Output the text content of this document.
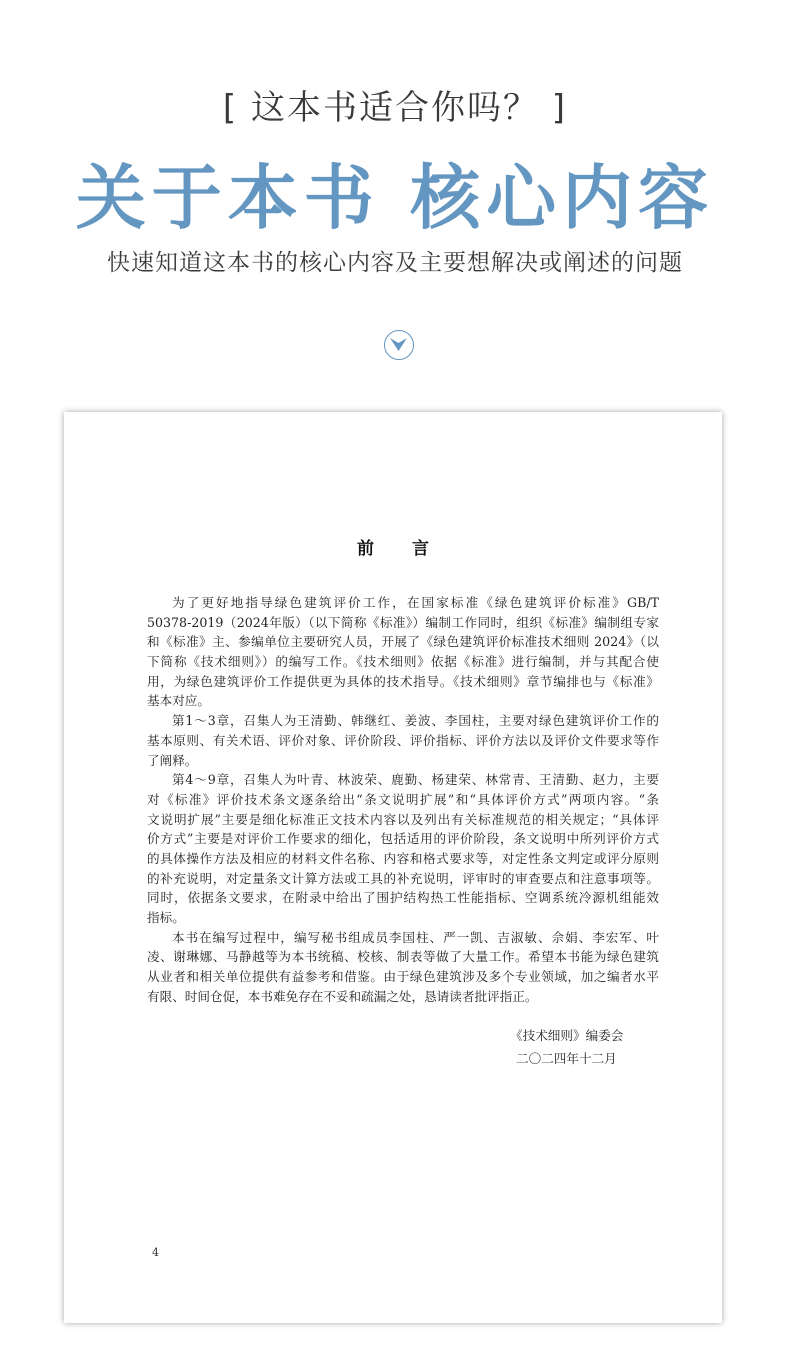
[ 这本书适合你吗？ ]
关于本书 核心内容
快速知道这本书的核心内容及主要想解决或阐述的问题
前言
为了更好地指导绿色建筑评价工作，在国家标准《绿色建筑评价标准》GB/T
50378-2019（2024年版）（以下简称《标准》）编制工作同时，组织《标准》编制组专家
和《标准》主、参编单位主要研究人员，开展了《绿色建筑评价标准技术细则 2024》（以
下简称《技术细则》）的编写工作。《技术细则》依据《标准》进行编制，并与其配合使
用，为绿色建筑评价工作提供更为具体的技术指导。《技术细则》章节编排也与《标准》
基本对应。
第1～3章，召集人为王清勤、韩继红、姜波、李国柱，主要对绿色建筑评价工作的
基本原则、有关术语、评价对象、评价阶段、评价指标、评价方法以及评价文件要求等作
了阐释。
第4～9章，召集人为叶青、林波荣、鹿勤、杨建荣、林常青、王清勤、赵力，主要
对《标准》评价技术条文逐条给出“条文说明扩展”和“具体评价方式”两项内容。“条
文说明扩展”主要是细化标准正文技术内容以及列出有关标准规范的相关规定；“具体评
价方式”主要是对评价工作要求的细化，包括适用的评价阶段，条文说明中所列评价方式
的具体操作方法及相应的材料文件名称、内容和格式要求等，对定性条文判定或评分原则
的补充说明，对定量条文计算方法或工具的补充说明，评审时的审查要点和注意事项等。
同时，依据条文要求，在附录中给出了围护结构热工性能指标、空调系统冷源机组能效
指标。
本书在编写过程中，编写秘书组成员李国柱、严一凯、吉淑敏、佘娟、李宏军、叶
凌、谢琳娜、马静越等为本书统稿、校核、制表等做了大量工作。希望本书能为绿色建筑
从业者和相关单位提供有益参考和借鉴。由于绿色建筑涉及多个专业领域，加之编者水平
有限、时间仓促，本书难免存在不妥和疏漏之处，恳请读者批评指正。
《技术细则》编委会
二〇二四年十二月
4
